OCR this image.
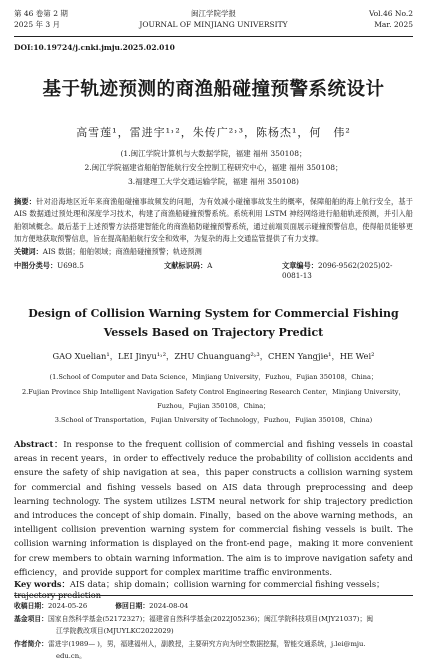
第 46 卷第 2 期
2025 年 3 月
闽江学院学报
JOURNAL OF MINJIANG UNIVERSITY
Vol.46 No.2
Mar. 2025
DOI:10.19724/j.cnki.jmju.2025.02.010
基于轨迹预测的商渔船碰撞预警系统设计
高雪莲¹，雷进宇¹˒²，朱传广²˒³，陈杨杰¹，何　伟²
(1.闽江学院计算机与大数据学院，福建 福州 350108；
2.闽江学院福建省船舶智能航行安全控制工程研究中心，福建 福州 350108；
3.福建理工大学交通运输学院，福建 福州 350108)
摘要：针对沿海地区近年来商渔船碰撞事故频发的问题，为有效减小碰撞事故发生的概率，保障船舶的海上航行安全，基于 AIS 数据通过预处理和深度学习技术，构建了商渔船碰撞预警系统。系统利用 LSTM 神经网络进行船舶轨迹预测，并引入船舶领域概念。最后基于上述预警方法搭建智能化的商渔船防碰撞预警系统，通过前端页面展示碰撞预警信息，使得船员能够更加方便地获取预警信息，旨在提高船舶航行安全和效率，为复杂的海上交通监管提供了有力支撑。
关键词：AIS 数据；船舶领域；商渔船碰撞预警；轨迹预测
中图分类号：U698.5	文献标识码：A	文章编号：2096-9562(2025)02-0081-13
Design of Collision Warning System for Commercial Fishing
Vessels Based on Trajectory Predict
GAO Xuelian¹，LEI Jinyu¹˒²，ZHU Chuanguang²˒³，CHEN Yangjie¹，HE Wei²
(1.School of Computer and Data Science，Minjiang University，Fuzhou，Fujian 350108，China；
2.Fujian Province Ship Intelligent Navigation Safety Control Engineering Research Center，Minjiang University，
Fuzhou，Fujian 350108，China；
3.School of Transportation，Fujian University of Technology，Fuzhou，Fujian 350108，China)
Abstract：In response to the frequent collision of commercial and fishing vessels in coastal areas in recent years，in order to effectively reduce the probability of collision accidents and ensure the safety of ship navigation at sea，this paper constructs a collision warning system for commercial and fishing vessels based on AIS data through preprocessing and deep learning technology. The system utilizes LSTM neural network for ship trajectory prediction and introduces the concept of ship domain. Finally，based on the above warning methods，an intelligent collision prevention warning system for commercial fishing vessels is built. The collision warning information is displayed on the front-end page，making it more convenient for crew members to obtain warning information. The aim is to improve navigation safety and efficiency，and provide support for complex maritime traffic environments.
Key words：AIS data；ship domain；collision warning for commercial fishing vessels；trajectory prediction
收稿日期：2024-05-26	修回日期：2024-08-04
基金项目：国家自然科学基金(52172327)；福建省自然科学基金(2022J05236)；闽江学院科技项目(MJY21037)；闽
江学院教改项目(MJUYLKC2022029)
作者简介：雷进宇(1989— )，男，福建福州人，副教授，主要研究方向为时空数据挖掘，智能交通系统，j.lei@mju.
edu.cn。
